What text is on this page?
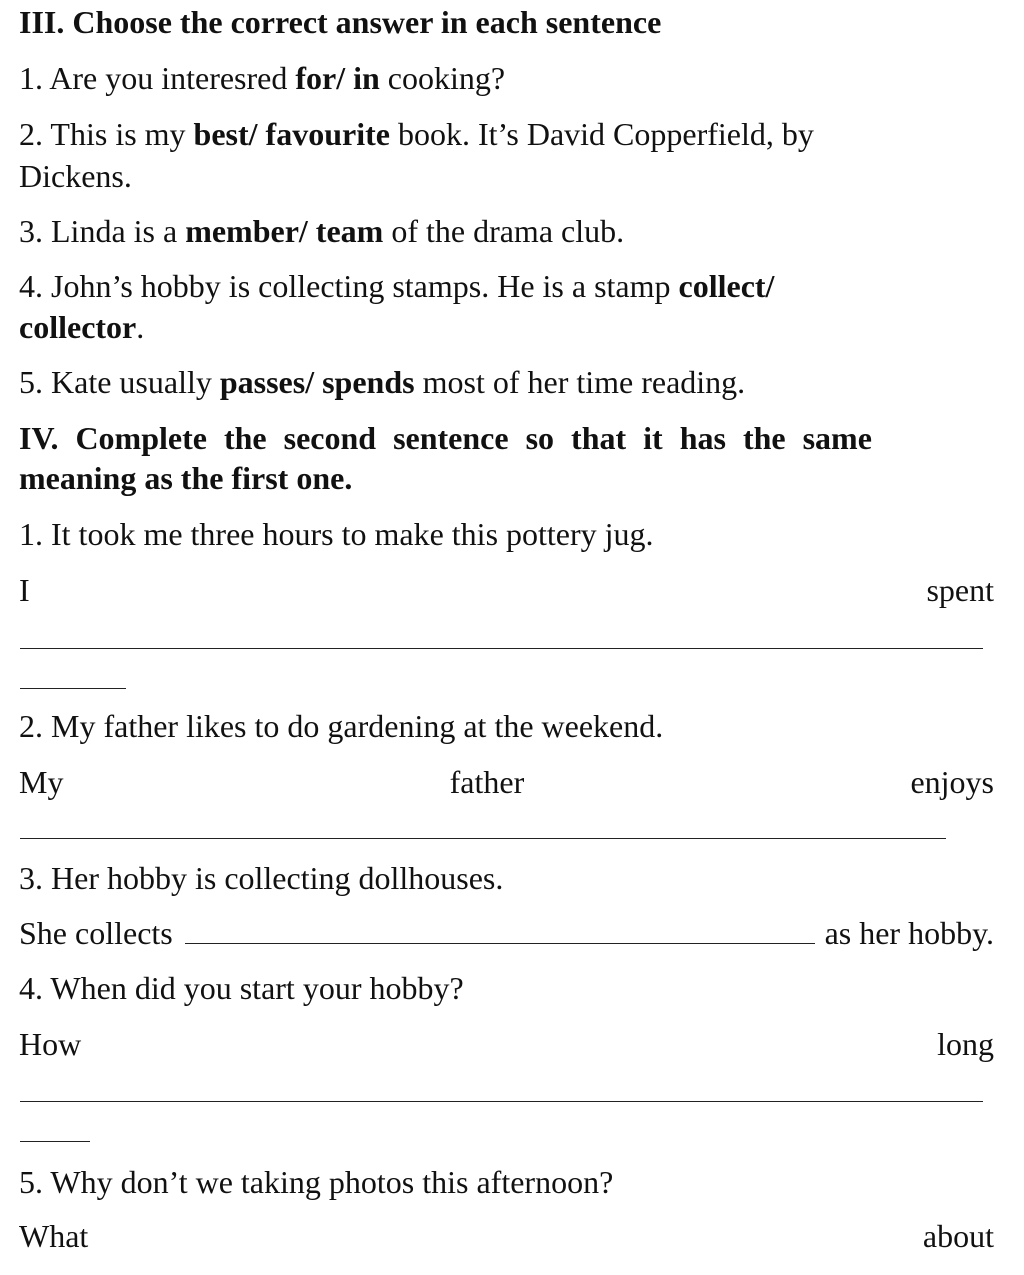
III. Choose the correct answer in each sentence
1. Are you interesred for/ in cooking?
2. This is my best/ favourite book. It’s David Copperfield, by
Dickens.
3. Linda is a member/ team of the drama club.
4. John’s hobby is collecting stamps. He is a stamp collect/
collector.
5. Kate usually passes/ spends most of her time reading.
IV. Complete the second sentence so that it has the same
meaning as the first one.
1. It took me three hours to make this pottery jug.
I	spent
2. My father likes to do gardening at the weekend.
My	father	enjoys
3. Her hobby is collecting dollhouses.
She collects	as her hobby.
4. When did you start your hobby?
How	long
5. Why don’t we taking photos this afternoon?
What	about
